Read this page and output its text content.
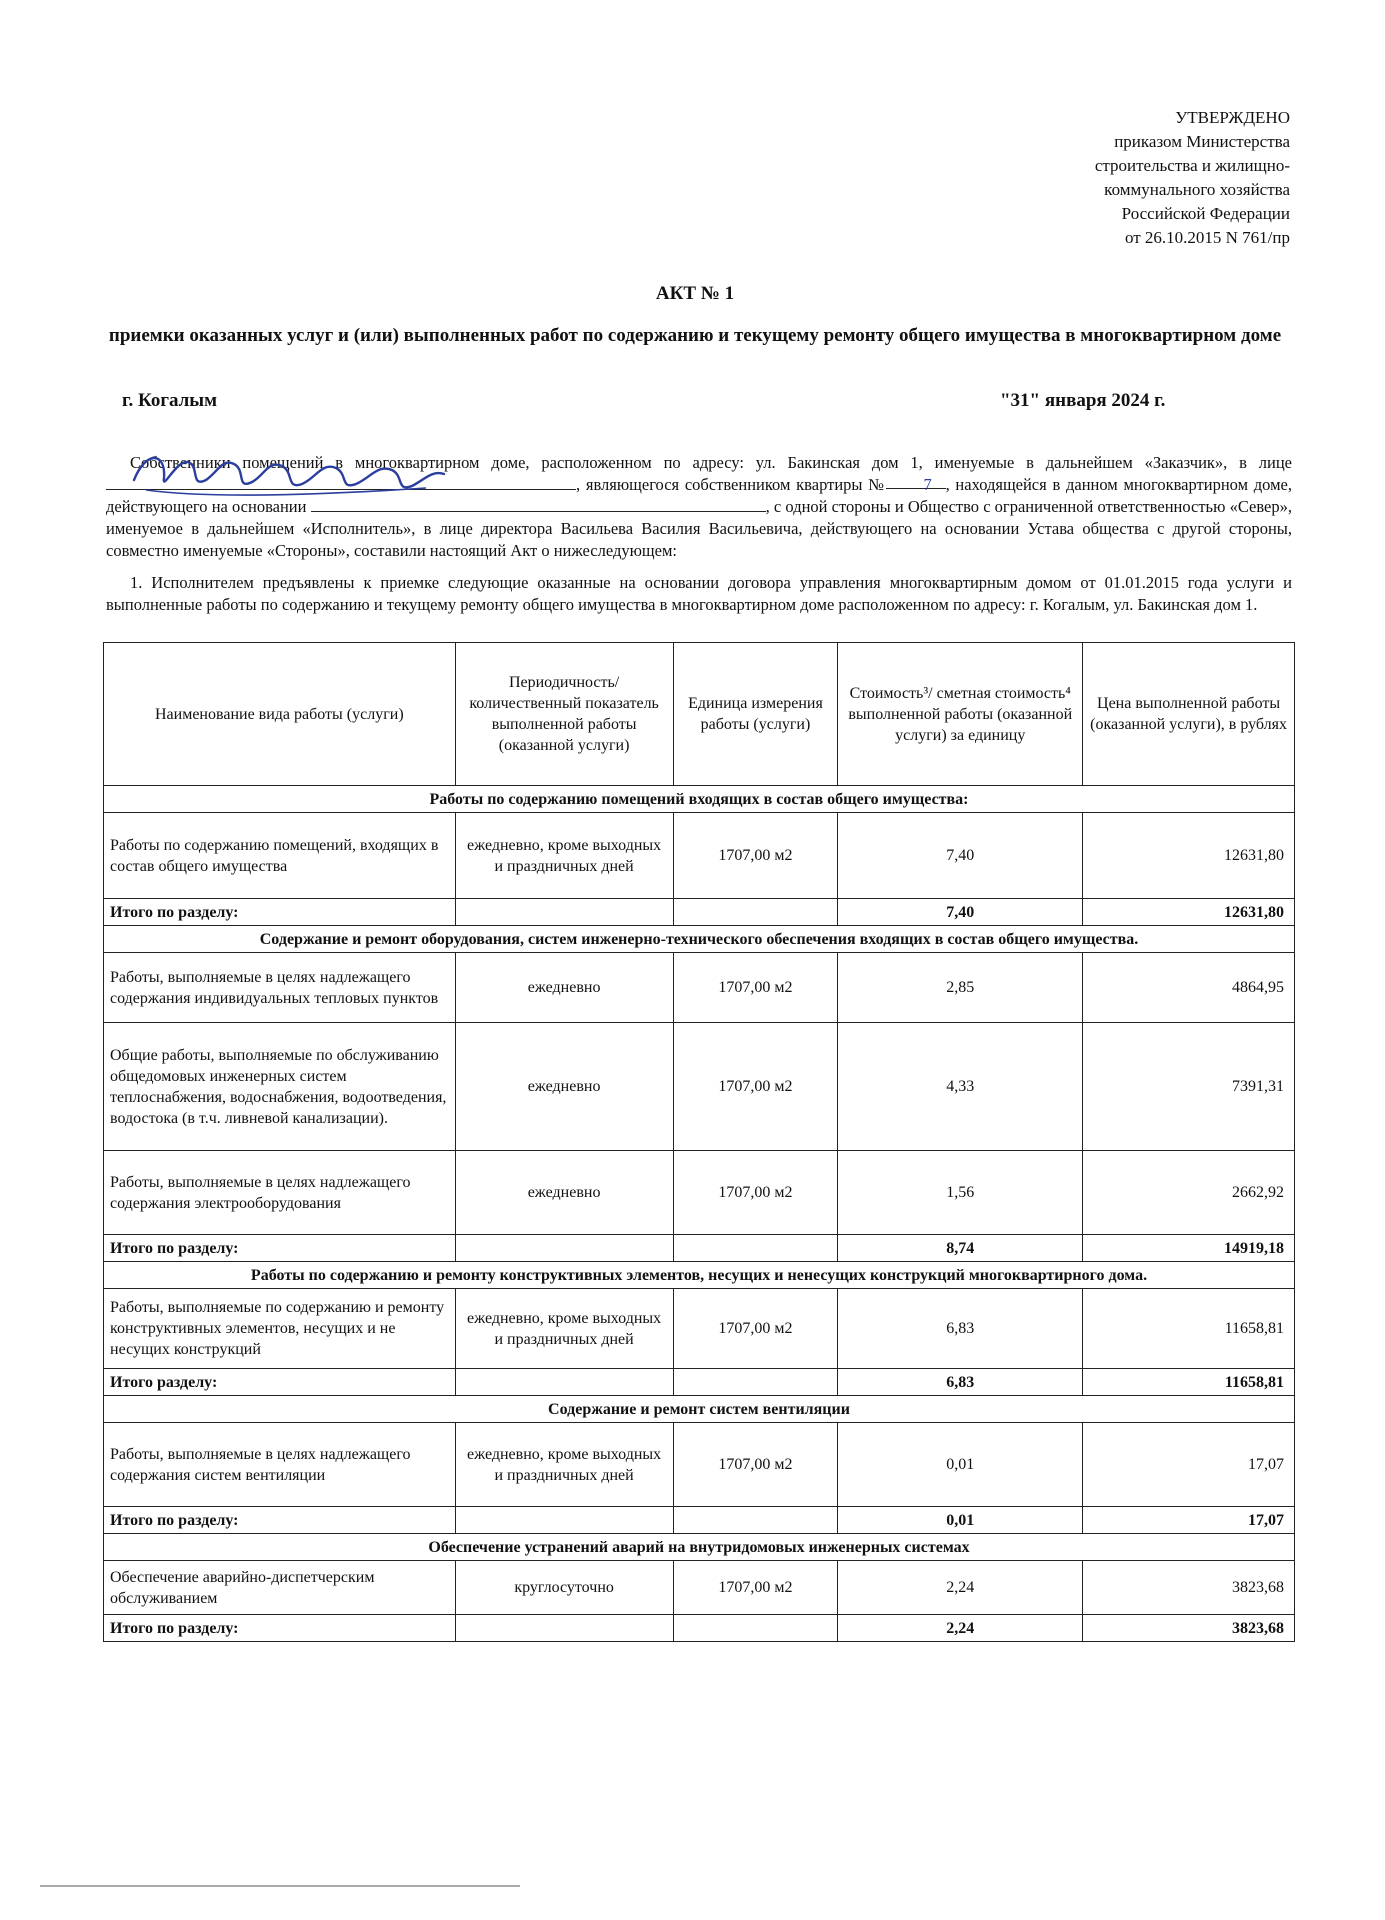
УТВЕРЖДЕНО
приказом Министерства
строительства и жилищно-
коммунального хозяйства
Российской Федерации
от 26.10.2015 N 761/пр
АКТ № 1
приемки оказанных услуг и (или) выполненных работ по содержанию и текущему ремонту общего имущества в многоквартирном доме
г. Когалым	"31" января 2024 г.
Собственники помещений в многоквартирном доме, расположенном по адресу: ул. Бакинская дом 1, именуемые в дальнейшем «Заказчик», в лице , являющегося собственником квартиры № 7 , находящейся в данном многоквартирном доме, действующего на основании	, с одной стороны и Общество с ограниченной ответственностью «Север», именуемое в дальнейшем «Исполнитель», в лице директора Васильева Василия Васильевича, действующего на основании Устава общества с другой стороны, совместно именуемые «Стороны», составили настоящий Акт о нижеследующем:
1. Исполнителем предъявлены к приемке следующие оказанные на основании договора управления многоквартирным домом от 01.01.2015 года услуги и выполненные работы по содержанию и текущему ремонту общего имущества в многоквартирном доме расположенном по адресу: г. Когалым, ул. Бакинская дом 1.
Наименование вида работы (услуги)	Периодичность/ количественный показатель выполненной работы (оказанной услуги)	Единица измерения работы (услуги)	Стоимость³/ сметная стоимость⁴ выполненной работы (оказанной услуги) за единицу	Цена выполненной работы (оказанной услуги), в рублях
Работы по содержанию помещений входящих в состав общего имущества:				
Работы по содержанию помещений, входящих в состав общего имущества	ежедневно, кроме выходных и праздничных дней	1707,00 м2	7,40	12631,80
Итого по разделу:			7,40	12631,80
Содержание и ремонт оборудования, систем инженерно-технического обеспечения входящих в состав общего имущества.				
Работы, выполняемые в целях надлежащего содержания индивидуальных тепловых пунктов	ежедневно	1707,00 м2	2,85	4864,95
Общие работы, выполняемые по обслуживанию общедомовых инженерных систем теплоснабжения, водоснабжения, водоотведения, водостока (в т.ч. ливневой канализации).	ежедневно	1707,00 м2	4,33	7391,31
Работы, выполняемые в целях надлежащего содержания электрооборудования	ежедневно	1707,00 м2	1,56	2662,92
Итого по разделу:			8,74	14919,18
Работы по содержанию и ремонту конструктивных элементов, несущих и ненесущих конструкций многоквартирного дома.				
Работы, выполняемые по содержанию и ремонту конструктивных элементов, несущих и не несущих конструкций	ежедневно, кроме выходных и праздничных дней	1707,00 м2	6,83	11658,81
Итого разделу:			6,83	11658,81
Содержание и ремонт систем вентиляции				
Работы, выполняемые в целях надлежащего содержания систем вентиляции	ежедневно, кроме выходных и праздничных дней	1707,00 м2	0,01	17,07
Итого по разделу:			0,01	17,07
Обеспечение устранений аварий на внутридомовых инженерных системах				
Обеспечение аварийно-диспетчерским обслуживанием	круглосуточно	1707,00 м2	2,24	3823,68
Итого по разделу:			2,24	3823,68
